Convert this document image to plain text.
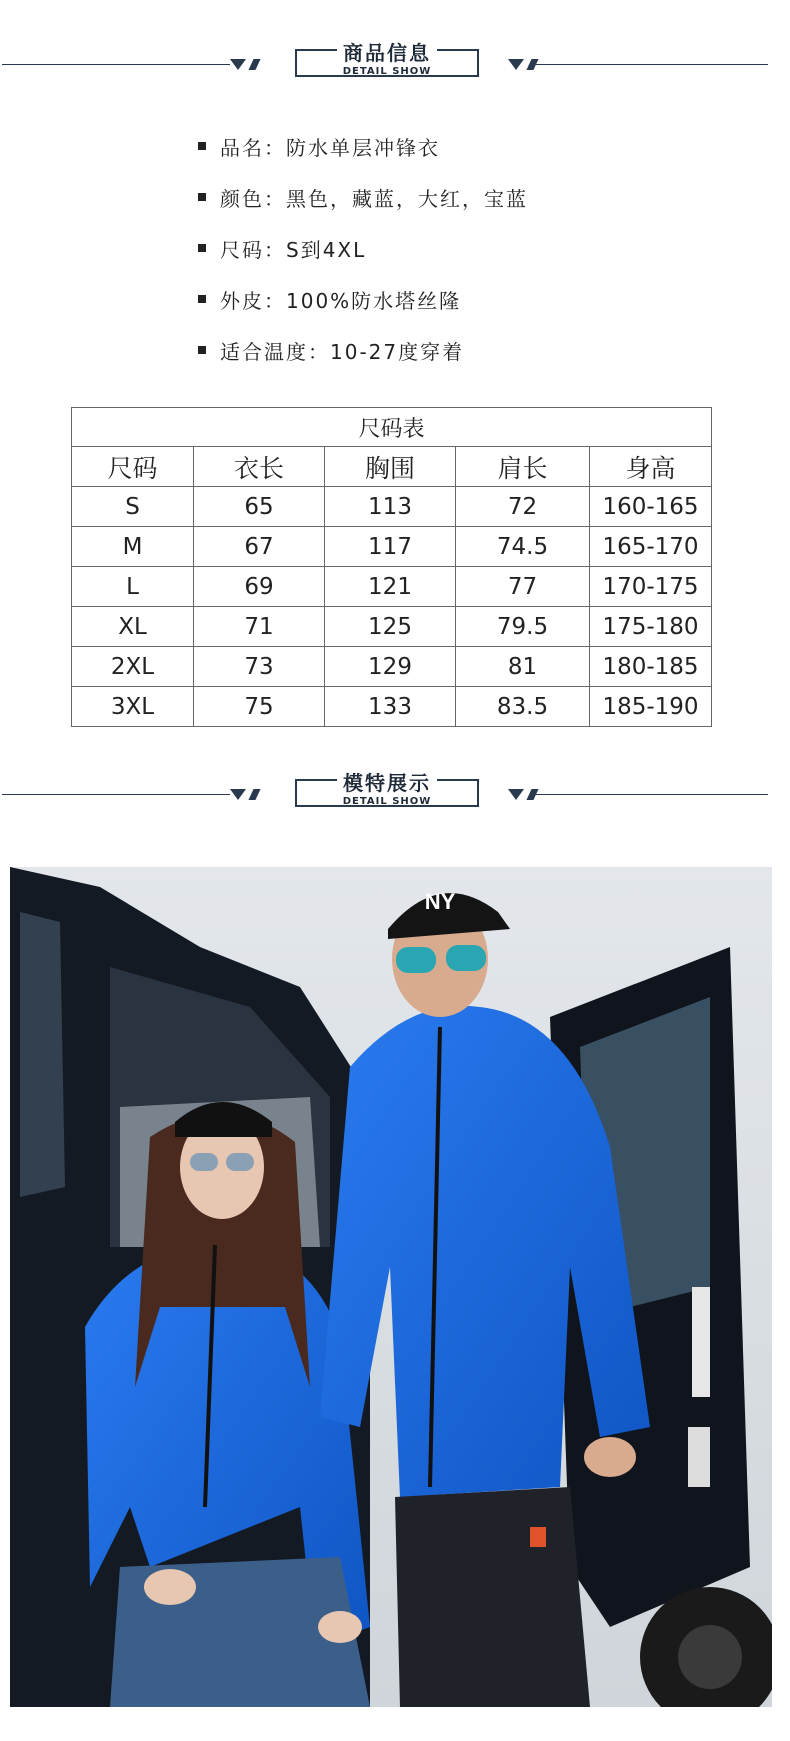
商品信息
DETAIL SHOW
品名：防水单层冲锋衣
颜色：黑色，藏蓝，大红，宝蓝
尺码：S到4XL
外皮：100%防水塔丝隆
适合温度：10-27度穿着
尺码表				
尺码	衣长	胸围	肩长	身高
S	65	113	72	160-165
M	67	117	74.5	165-170
L	69	121	77	170-175
XL	71	125	79.5	175-180
2XL	73	129	81	180-185
3XL	75	133	83.5	185-190
模特展示
DETAIL SHOW
NY
